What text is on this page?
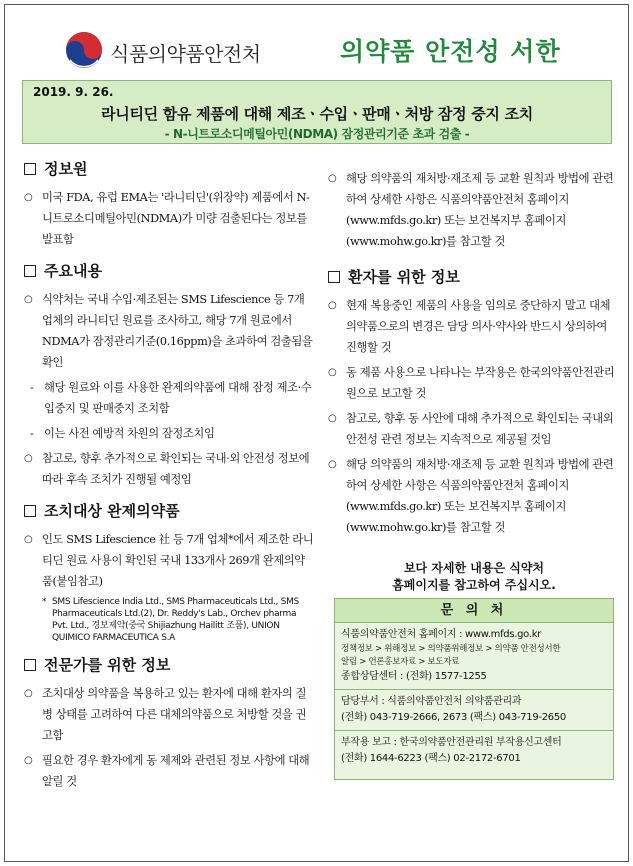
식품의약품안전처	의약품 안전성 서한
2019. 9. 26.
라니티딘 함유 제품에 대해 제조ㆍ수입ㆍ판매ㆍ처방 잠정 중지 조치
- N-니트로소디메틸아민(NDMA) 잠정관리기준 초과 검출 -
정보원
○ 미국 FDA, 유럽 EMA는 '라니티딘'(위장약) 제품에서 N-니트로소디메틸아민(NDMA)가 미량 검출된다는 정보를 발표함
주요내용
○ 식약처는 국내 수입·제조된는 SMS Lifescience 등 7개 업체의 라니티딘 원료를 조사하고, 해당 7개 원료에서 NDMA가 잠정관리기준(0.16ppm)을 초과하여 검출됨을 확인
- 해당 원료와 이를 사용한 완제의약품에 대해 잠정 제조·수입중지 및 판매중지 조치함
- 이는 사전 예방적 차원의 잠정조치임
○ 참고로, 향후 추가적으로 확인되는 국내·외 안전성 정보에 따라 후속 조치가 진행될 예정임
조치대상 완제의약품
○ 인도 SMS Lifescience 社 등 7개 업체*에서 제조한 라니티딘 원료 사용이 확인된 국내 133개사 269개 완제의약품(붙임참고)
* SMS Lifescience India Ltd., SMS Pharmaceuticals Ltd., SMS Pharmaceuticals Ltd.(2), Dr. Reddy's Lab., Orchev pharma Pvt. Ltd., 경보제약(중국 Shijiazhung Hailitt 조품), UNION QUIMICO FARMACEUTICA S.A
전문가를 위한 정보
○ 조치대상 의약품을 복용하고 있는 환자에 대해 환자의 질병 상태를 고려하여 다른 대체의약품으로 처방할 것을 권고함
○ 필요한 경우 환자에게 동 제제와 관련된 정보 사항에 대해 알릴 것
○ 해당 의약품의 재처방·재조제 등 교환 원칙과 방법에 관련하여 상세한 사항은 식품의약품안전처 홈페이지(www.mfds.go.kr) 또는 보건복지부 홈페이지(www.mohw.go.kr)를 참고할 것
환자를 위한 정보
○ 현재 복용중인 제품의 사용을 임의로 중단하지 말고 대체의약품으로의 변경은 담당 의사·약사와 반드시 상의하여 진행할 것
○ 동 제품 사용으로 나타나는 부작용은 한국의약품안전관리원으로 보고할 것
○ 참고로, 향후 동 사안에 대해 추가적으로 확인되는 국내외 안전성 관련 정보는 지속적으로 제공될 것임
○ 해당 의약품의 재처방·재조제 등 교환 원칙과 방법에 관련하여 상세한 사항은 식품의약품안전처 홈페이지(www.mfds.go.kr) 또는 보건복지부 홈페이지(www.mohw.go.kr)를 참고할 것
보다 자세한 내용은 식약처
홈페이지를 참고하여 주십시오.
문 의 처
식품의약품안전처 홈페이지 : www.mfds.go.kr
정책정보 > 위해정보 > 의약품위해정보 > 의약품 안전성서한
알림 > 언론홍보자료 > 보도자료
종합상담센터 : (전화) 1577-1255
담당부서 : 식품의약품안전처 의약품관리과
(전화) 043-719-2666, 2673 (팩스) 043-719-2650
부작용 보고 : 한국의약품안전관리원 부작용신고센터
(전화) 1644-6223 (팩스) 02-2172-6701
